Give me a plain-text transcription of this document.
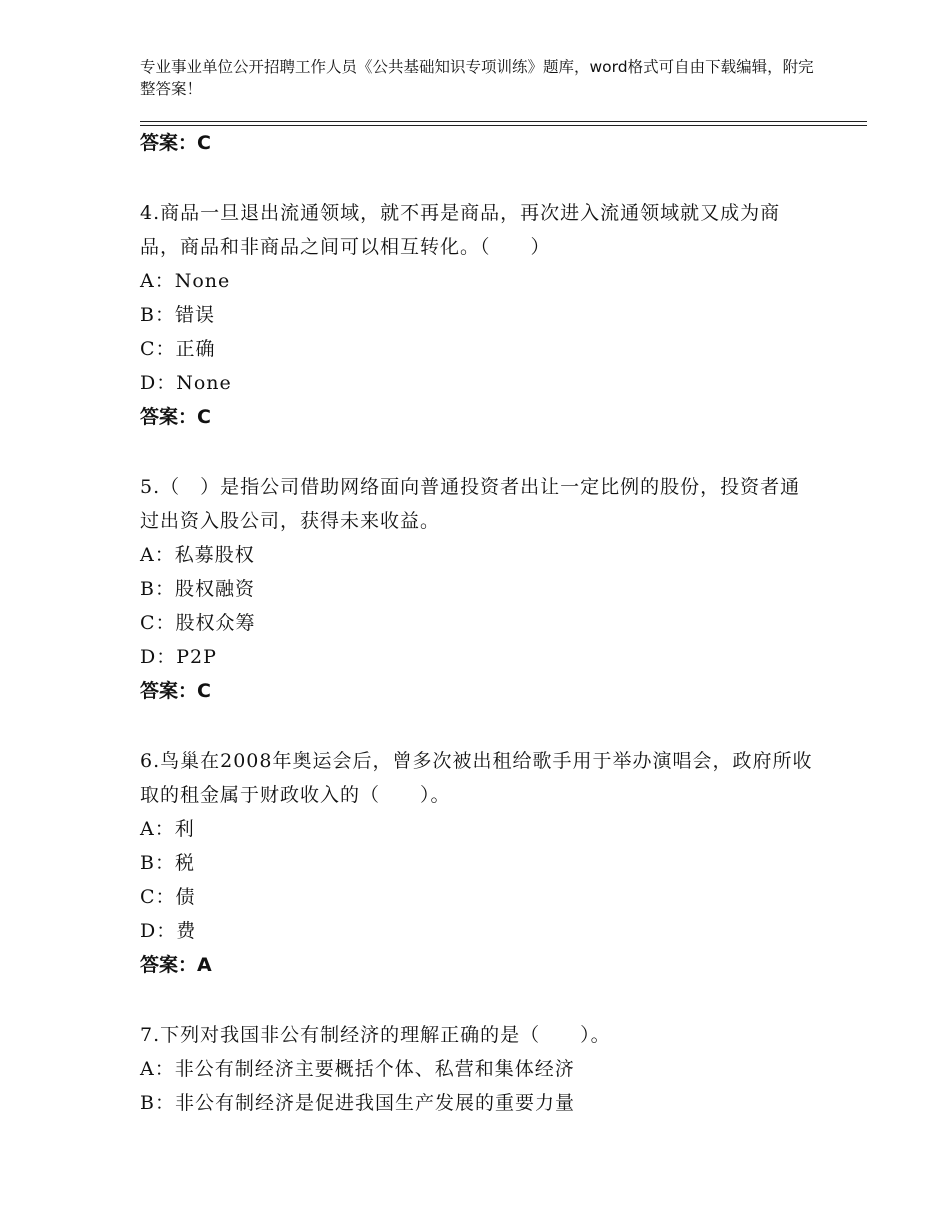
专业事业单位公开招聘工作人员《公共基础知识专项训练》题库，word格式可自由下载编辑，附完整答案！
答案：C
4.商品一旦退出流通领域，就不再是商品，再次进入流通领域就又成为商品，商品和非商品之间可以相互转化。（　　）
A：None
B：错误
C：正确
D：None
答案：C
5.（　）是指公司借助网络面向普通投资者出让一定比例的股份，投资者通过出资入股公司，获得未来收益。
A：私募股权
B：股权融资
C：股权众筹
D：P2P
答案：C
6.鸟巢在2008年奥运会后，曾多次被出租给歌手用于举办演唱会，政府所收取的租金属于财政收入的（　　）。
A：利
B：税
C：债
D：费
答案：A
7.下列对我国非公有制经济的理解正确的是（　　）。
A：非公有制经济主要概括个体、私营和集体经济
B：非公有制经济是促进我国生产发展的重要力量
